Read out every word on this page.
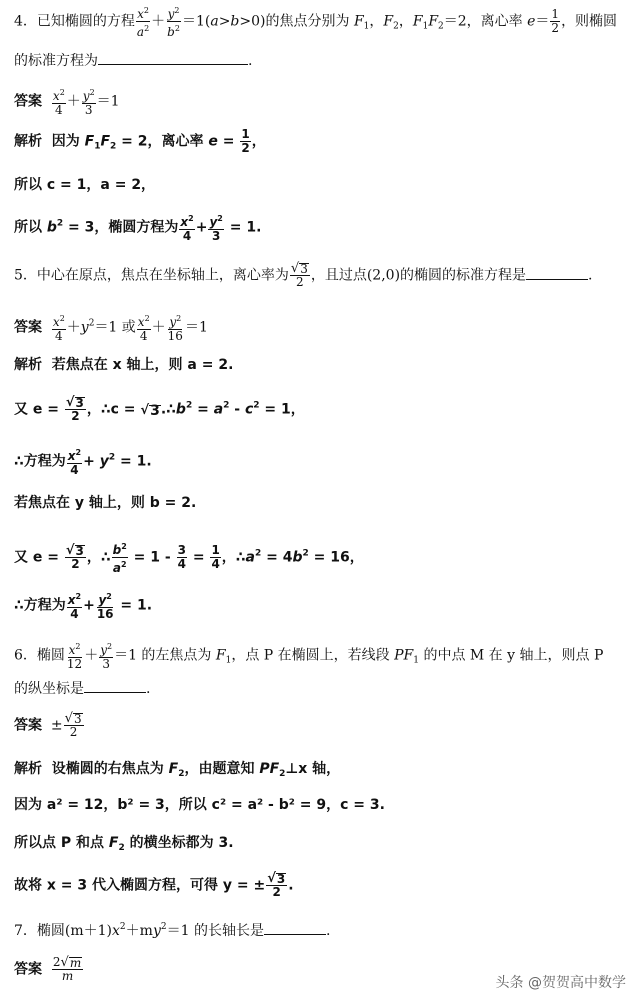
4．已知椭圆的方程 $\frac{x^2}{a^2} + \frac{y^2}{b^2} =1(a>b>0)$的焦点分别为 $F_1$，$F_2$，$F_1F_2=2$，离心率 $e= \frac{1}{2}$ ，则椭圆
的标准方程为	.
答案 $\frac{x^2}{4} + \frac{y^2}{3} =1$
解析 因为 $F_1F_2 = 2$，离心率 $e = \frac{1}{2}$ ，
所以 c = 1，a = 2，
所以 $b^2 = 3$，椭圆方程为 $\frac{x^2}{4} + \frac{y^2}{3} = 1$.
5．中心在原点，焦点在坐标轴上，离心率为 $\frac{√ 3}{2}$ ，且过点(2,0)的椭圆的标准方程是	.
答案 $\frac{x^2}{4} +y^2=1$ 或 $\frac{x^2}{4} + \frac{y^2}{16} =1$
解析 若焦点在 x 轴上，则 a = 2.
又 $e = \frac{√ 3}{2}$ ，∴c = √ 3 $.\therefore b^2 = a^2 - c^2 = 1$，
∴方程为 $\frac{x^2}{4} + y^2 = 1$.
若焦点在 y 轴上，则 b = 2.
又 $e = \frac{√ 3}{2}$ ，∴ $\frac{b^2}{a^2} = 1 - \frac{3}{4} = \frac{1}{4}$ ，$\therefore a^2 = 4b^2 = 16$，
∴方程为 $\frac{x^2}{4} + \frac{y^2}{16} = 1$.
6．椭圆 $\frac{x^2}{12} + \frac{y^2}{3} =1$ 的左焦点为 $F_1$，点 P 在椭圆上，若线段 $PF_1$ 的中点 M 在 y 轴上，则点 P
的纵坐标是	.
答案 ± $\frac{√ 3}{2}$
解析 设椭圆的右焦点为 $F_2$，由题意知 $PF_2\perp x$ 轴，
因为 a² = 12，b² = 3，所以 c² = a² - b² = 9，c = 3.
所以点 P 和点 $F_2$ 的横坐标都为 3.
故将 x = 3 代入椭圆方程，可得 y = ± $\frac{√ 3}{2}$ .
7．椭圆$(m+1)x^2+my^2=1$ 的长轴长是	.
答案 $\frac{2 √ m}{m}$	头条 @贺贺高中数学
